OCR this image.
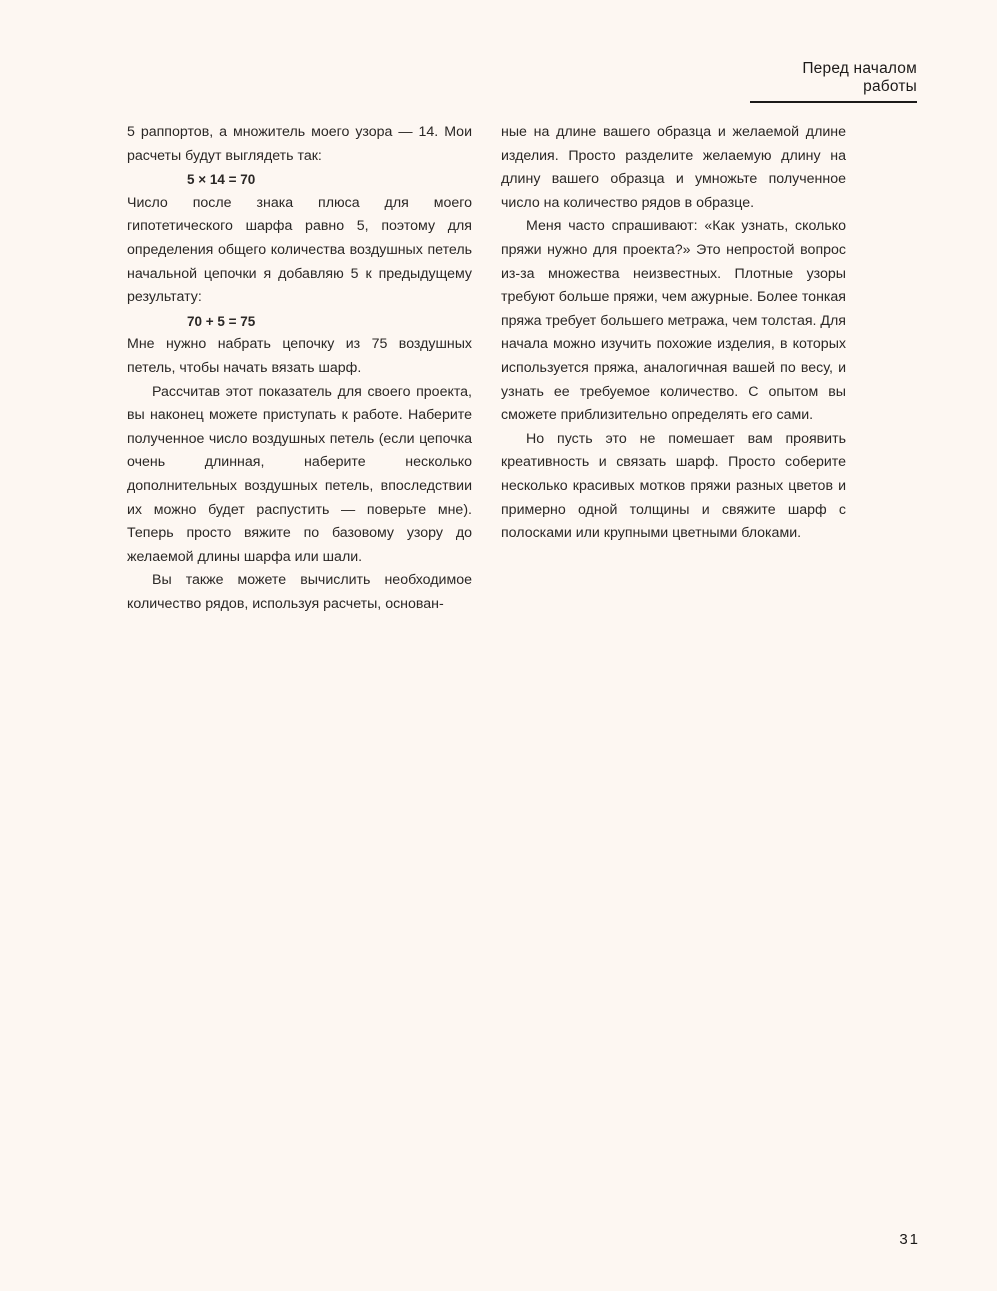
Перед началом работы

5 раппортов, а множитель моего узора — 14. Мои расчеты будут выглядеть так:

5 × 14 = 70

Число после знака плюса для моего гипотетического шарфа равно 5, поэтому для определения общего количества воздушных петель начальной цепочки я добавляю 5 к предыдущему результату:

70 + 5 = 75

Мне нужно набрать цепочку из 75 воздушных петель, чтобы начать вязать шарф.

Рассчитав этот показатель для своего проекта, вы наконец можете приступать к работе. Наберите полученное число воздушных петель (если цепочка очень длинная, наберите несколько дополнительных воздушных петель, впоследствии их можно будет распустить — поверьте мне). Теперь просто вяжите по базовому узору до желаемой длины шарфа или шали.

Вы также можете вычислить необходимое количество рядов, используя расчеты, основан‑

ные на длине вашего образца и желаемой длине изделия. Просто разделите желаемую длину на длину вашего образца и умножьте полученное число на количество рядов в образце.

Меня часто спрашивают: «Как узнать, сколько пряжи нужно для проекта?» Это непростой вопрос из-за множества неизвестных. Плотные узоры требуют больше пряжи, чем ажурные. Более тонкая пряжа требует большего метража, чем толстая. Для начала можно изучить похожие изделия, в которых используется пряжа, аналогичная вашей по весу, и узнать ее требуемое количество. С опытом вы сможете приблизительно определять его сами.

Но пусть это не помешает вам проявить креативность и связать шарф. Просто соберите несколько красивых мотков пряжи разных цветов и примерно одной толщины и свяжите шарф с полосками или крупными цветными блоками.

31
